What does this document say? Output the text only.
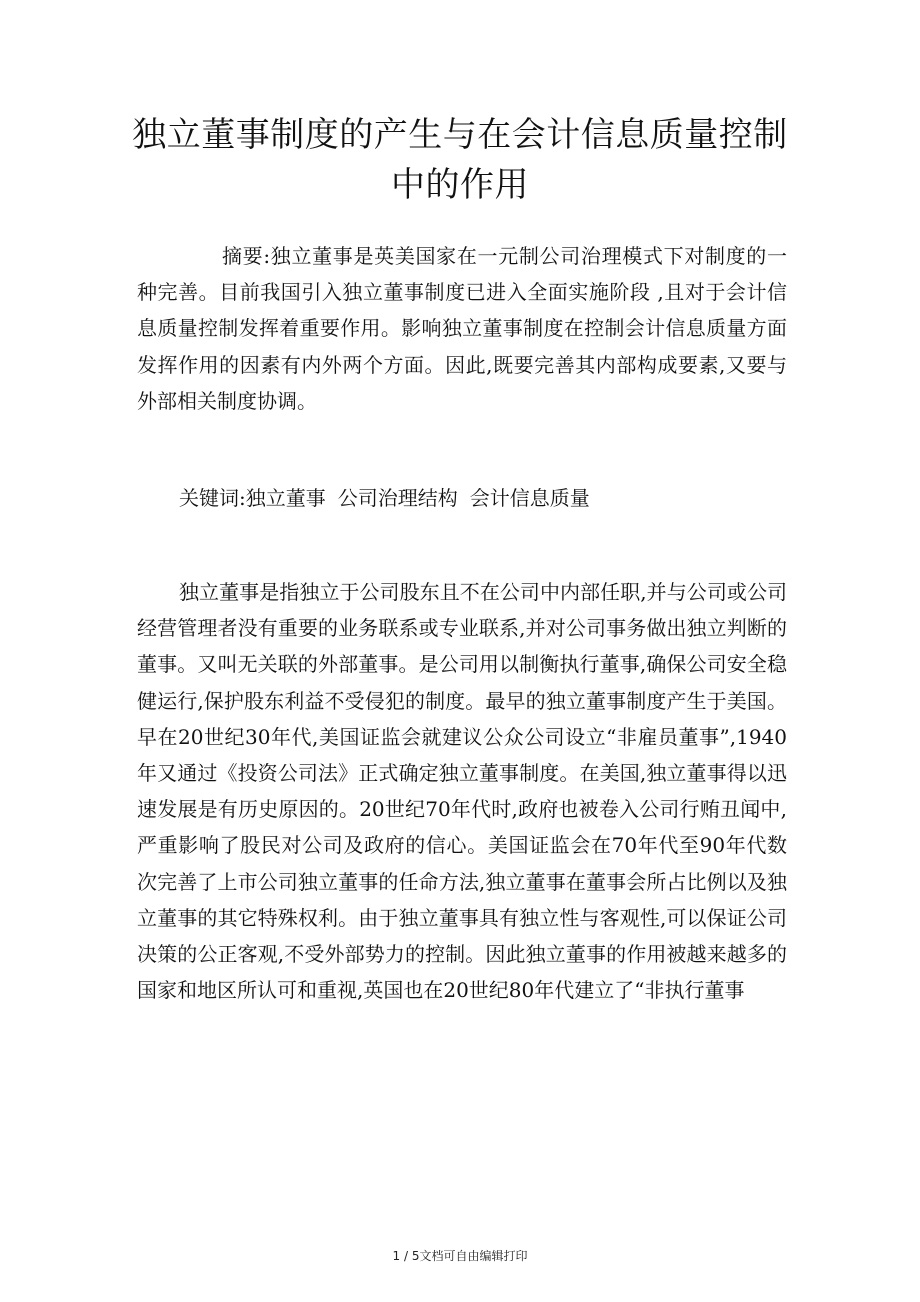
独立董事制度的产生与在会计信息质量控制中的作用

摘要:独立董事是英美国家在一元制公司治理模式下对制度的一种完善。目前我国引入独立董事制度已进入全面实施阶段 ,且对于会计信息质量控制发挥着重要作用。影响独立董事制度在控制会计信息质量方面发挥作用的因素有内外两个方面。因此,既要完善其内部构成要素,又要与外部相关制度协调。

关键词:独立董事 公司治理结构 会计信息质量

独立董事是指独立于公司股东且不在公司中内部任职,并与公司或公司经营管理者没有重要的业务联系或专业联系,并对公司事务做出独立判断的董事。又叫无关联的外部董事。是公司用以制衡执行董事,确保公司安全稳健运行,保护股东利益不受侵犯的制度。最早的独立董事制度产生于美国。早在20世纪30年代,美国证监会就建议公众公司设立“非雇员董事”,1940年又通过《投资公司法》正式确定独立董事制度。在美国,独立董事得以迅速发展是有历史原因的。20世纪70年代时,政府也被卷入公司行贿丑闻中,严重影响了股民对公司及政府的信心。美国证监会在70年代至90年代数次完善了上市公司独立董事的任命方法,独立董事在董事会所占比例以及独立董事的其它特殊权利。由于独立董事具有独立性与客观性,可以保证公司决策的公正客观,不受外部势力的控制。因此独立董事的作用被越来越多的国家和地区所认可和重视,英国也在20世纪80年代建立了“非执行董事

1 / 5文档可自由编辑打印
